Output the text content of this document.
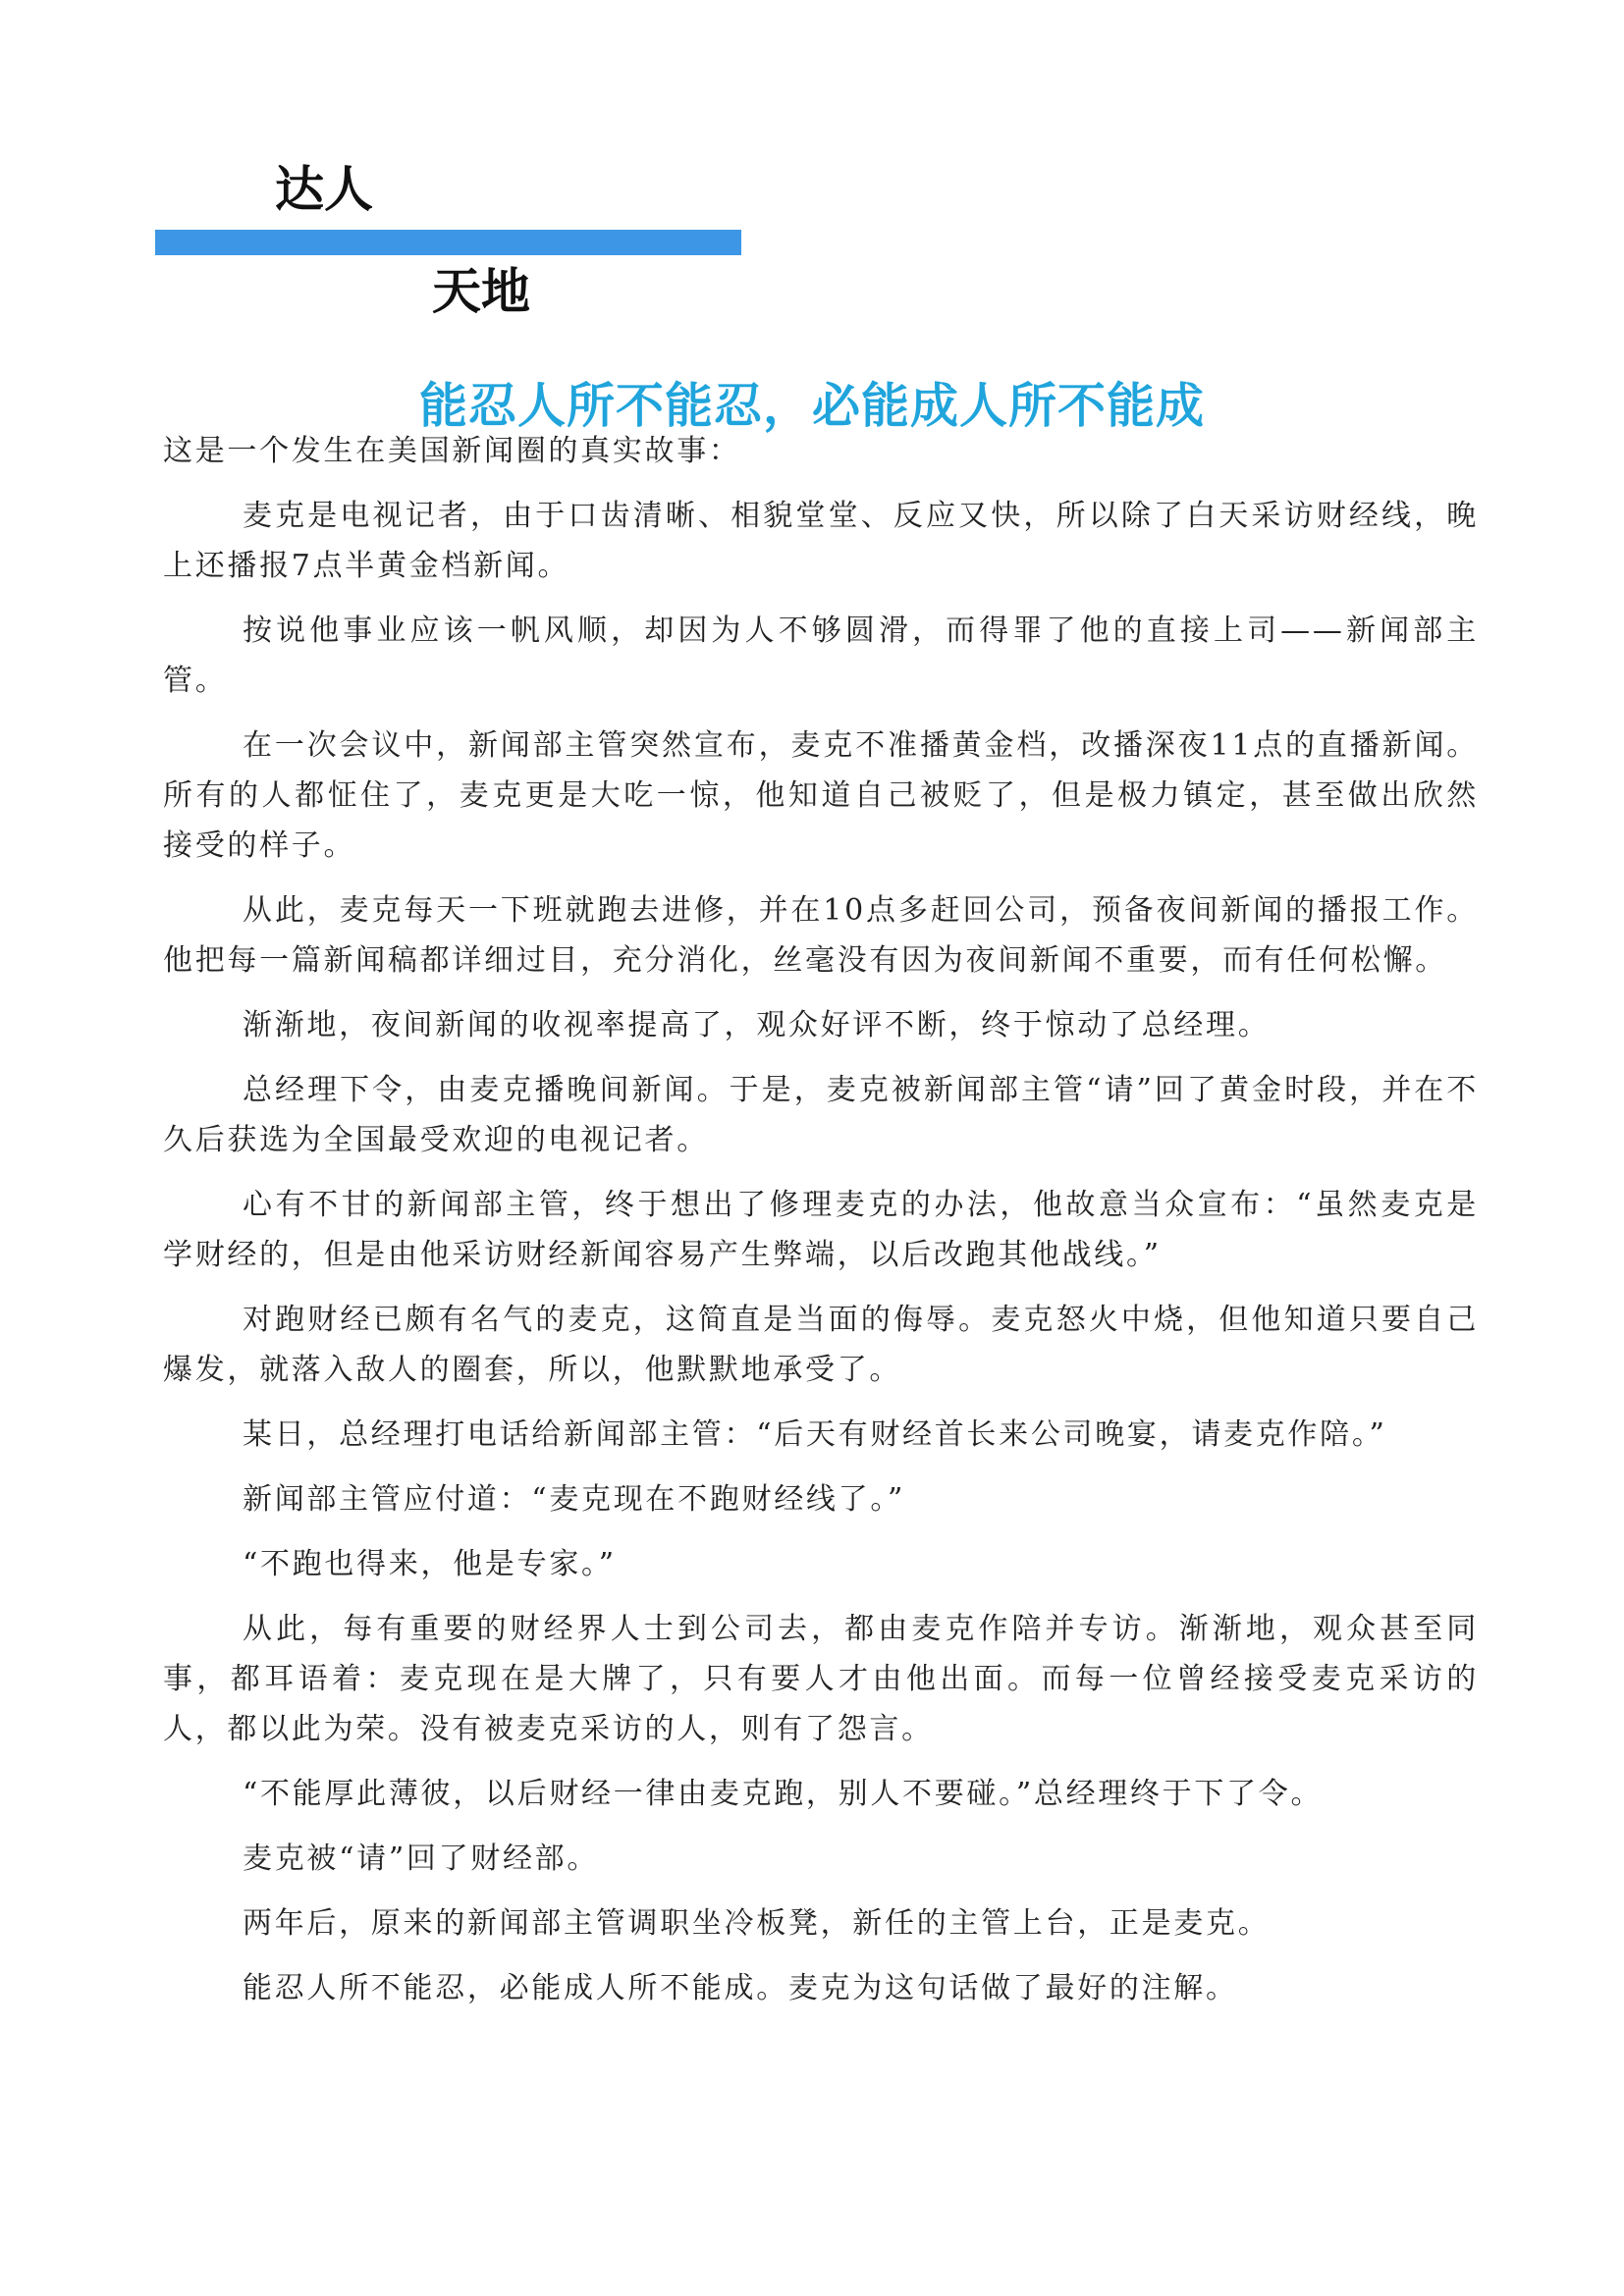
达人
天地
能忍人所不能忍，必能成人所不能成

这是一个发生在美国新闻圈的真实故事：

麦克是电视记者，由于口齿清晰、相貌堂堂、反应又快，所以除了白天采访财经线，晚上还播报7点半黄金档新闻。

按说他事业应该一帆风顺，却因为人不够圆滑，而得罪了他的直接上司——新闻部主管。

在一次会议中，新闻部主管突然宣布，麦克不准播黄金档，改播深夜11点的直播新闻。所有的人都怔住了，麦克更是大吃一惊，他知道自己被贬了，但是极力镇定，甚至做出欣然接受的样子。

从此，麦克每天一下班就跑去进修，并在10点多赶回公司，预备夜间新闻的播报工作。他把每一篇新闻稿都详细过目，充分消化，丝毫没有因为夜间新闻不重要，而有任何松懈。

渐渐地，夜间新闻的收视率提高了，观众好评不断，终于惊动了总经理。

总经理下令，由麦克播晚间新闻。于是，麦克被新闻部主管“请”回了黄金时段，并在不久后获选为全国最受欢迎的电视记者。

心有不甘的新闻部主管，终于想出了修理麦克的办法，他故意当众宣布：“虽然麦克是学财经的，但是由他采访财经新闻容易产生弊端，以后改跑其他战线。”

对跑财经已颇有名气的麦克，这简直是当面的侮辱。麦克怒火中烧，但他知道只要自己爆发，就落入敌人的圈套，所以，他默默地承受了。

某日，总经理打电话给新闻部主管：“后天有财经首长来公司晚宴，请麦克作陪。”

新闻部主管应付道：“麦克现在不跑财经线了。”

“不跑也得来，他是专家。”

从此，每有重要的财经界人士到公司去，都由麦克作陪并专访。渐渐地，观众甚至同事，都耳语着：麦克现在是大牌了，只有要人才由他出面。而每一位曾经接受麦克采访的人，都以此为荣。没有被麦克采访的人，则有了怨言。

“不能厚此薄彼，以后财经一律由麦克跑，别人不要碰。”总经理终于下了令。

麦克被“请”回了财经部。

两年后，原来的新闻部主管调职坐冷板凳，新任的主管上台，正是麦克。

能忍人所不能忍，必能成人所不能成。麦克为这句话做了最好的注解。
